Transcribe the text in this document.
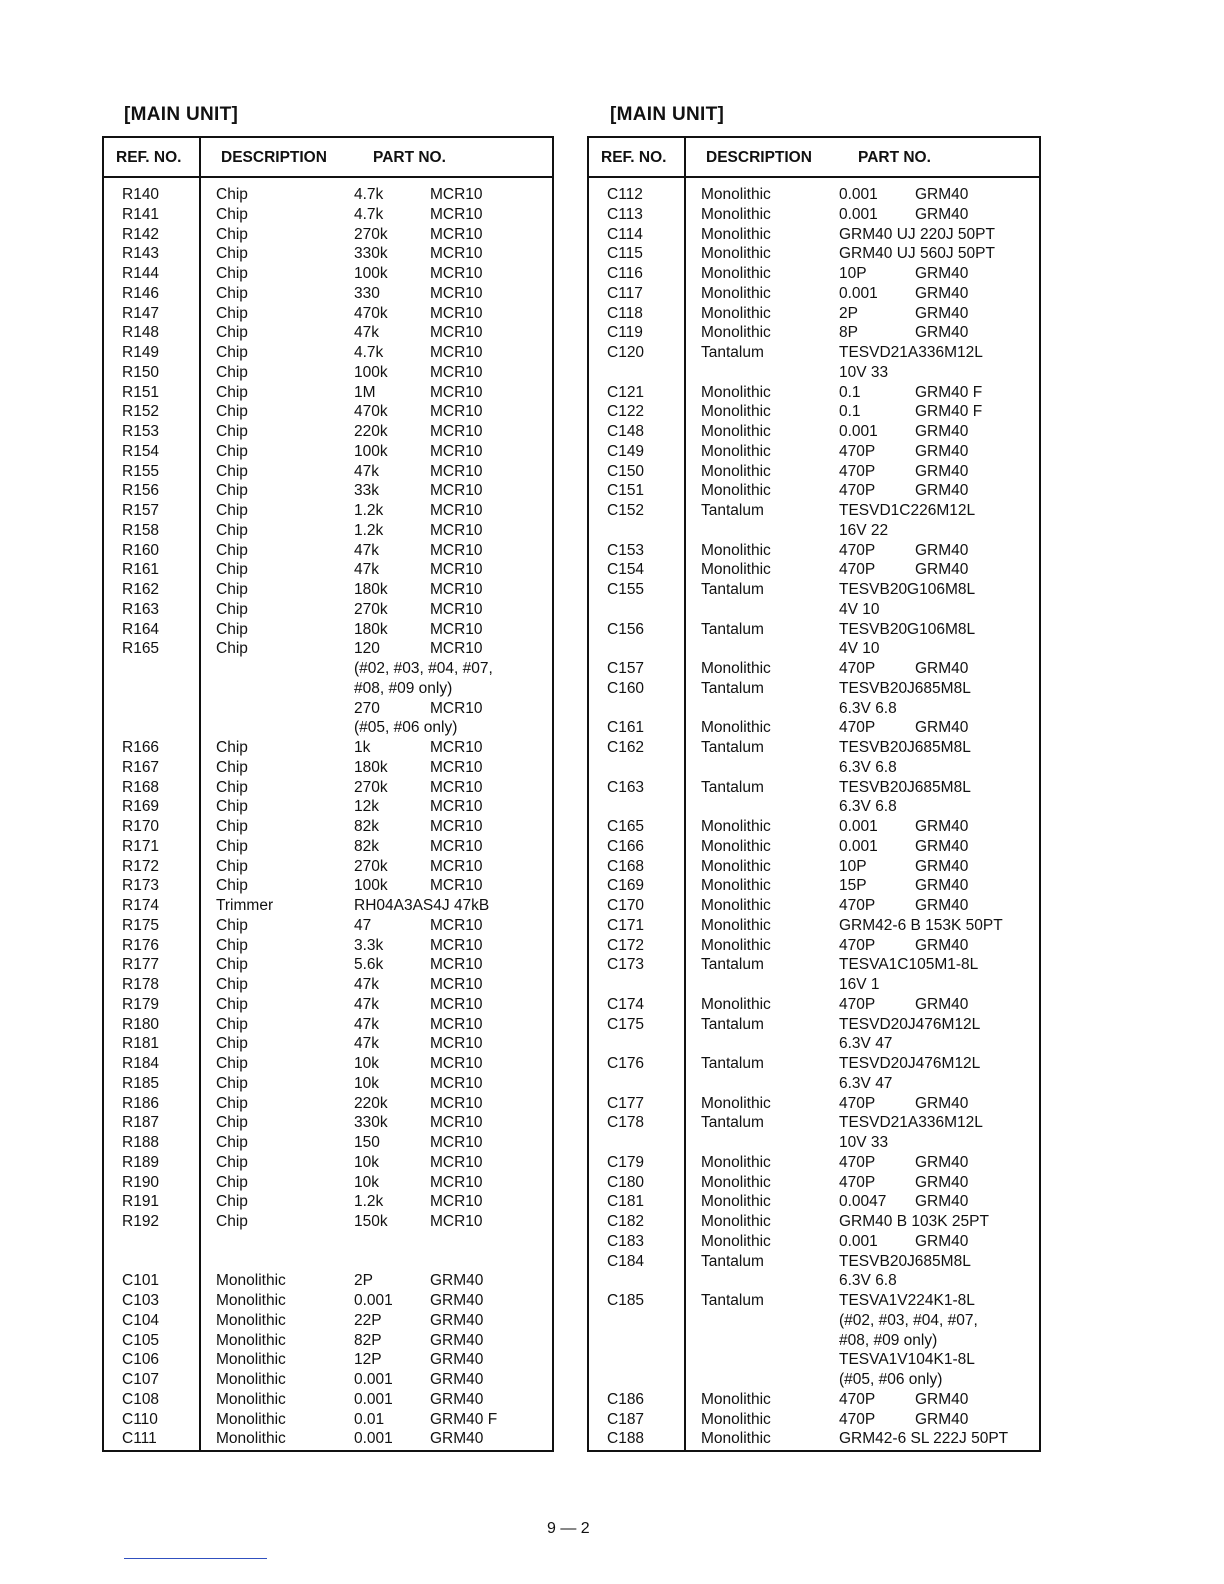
[MAIN UNIT]	[MAIN UNIT]
REF. NO.	DESCRIPTION	PART NO.
R140	Chip	4.7k	MCR10
R141	Chip	4.7k	MCR10
R142	Chip	270k	MCR10
R143	Chip	330k	MCR10
R144	Chip	100k	MCR10
R146	Chip	330	MCR10
R147	Chip	470k	MCR10
R148	Chip	47k	MCR10
R149	Chip	4.7k	MCR10
R150	Chip	100k	MCR10
R151	Chip	1M	MCR10
R152	Chip	470k	MCR10
R153	Chip	220k	MCR10
R154	Chip	100k	MCR10
R155	Chip	47k	MCR10
R156	Chip	33k	MCR10
R157	Chip	1.2k	MCR10
R158	Chip	1.2k	MCR10
R160	Chip	47k	MCR10
R161	Chip	47k	MCR10
R162	Chip	180k	MCR10
R163	Chip	270k	MCR10
R164	Chip	180k	MCR10
R165	Chip	120	MCR10
(#02, #03, #04, #07,
#08, #09 only)
270	MCR10
(#05, #06 only)
R166	Chip	1k	MCR10
R167	Chip	180k	MCR10
R168	Chip	270k	MCR10
R169	Chip	12k	MCR10
R170	Chip	82k	MCR10
R171	Chip	82k	MCR10
R172	Chip	270k	MCR10
R173	Chip	100k	MCR10
R174	Trimmer	RH04A3AS4J 47kB
R175	Chip	47	MCR10
R176	Chip	3.3k	MCR10
R177	Chip	5.6k	MCR10
R178	Chip	47k	MCR10
R179	Chip	47k	MCR10
R180	Chip	47k	MCR10
R181	Chip	47k	MCR10
R184	Chip	10k	MCR10
R185	Chip	10k	MCR10
R186	Chip	220k	MCR10
R187	Chip	330k	MCR10
R188	Chip	150	MCR10
R189	Chip	10k	MCR10
R190	Chip	10k	MCR10
R191	Chip	1.2k	MCR10
R192	Chip	150k	MCR10
C101	Monolithic	2P	GRM40
C103	Monolithic	0.001 GRM40
C104	Monolithic	22P	GRM40
C105	Monolithic	82P	GRM40
C106	Monolithic	12P	GRM40
C107	Monolithic	0.001 GRM40
C108	Monolithic	0.001 GRM40
C110	Monolithic	0.01	GRM40 F
C111	Monolithic	0.001 GRM40
REF. NO.	DESCRIPTION	PART NO.
C112	Monolithic	0.001 GRM40
C113	Monolithic	0.001 GRM40
C114	Monolithic	GRM40 UJ 220J 50PT
C115	Monolithic	GRM40 UJ 560J 50PT
C116	Monolithic	10P	GRM40
C117	Monolithic	0.001 GRM40
C118	Monolithic	2P	GRM40
C119	Monolithic	8P	GRM40
C120	Tantalum	TESVD21A336M12L
10V 33
C121	Monolithic	0.1	GRM40 F
C122	Monolithic	0.1	GRM40 F
C148	Monolithic	0.001 GRM40
C149	Monolithic	470P	GRM40
C150	Monolithic	470P	GRM40
C151	Monolithic	470P	GRM40
C152	Tantalum	TESVD1C226M12L
16V 22
C153	Monolithic	470P	GRM40
C154	Monolithic	470P	GRM40
C155	Tantalum	TESVB20G106M8L
4V 10
C156	Tantalum	TESVB20G106M8L
4V 10
C157	Monolithic	470P	GRM40
C160	Tantalum	TESVB20J685M8L
6.3V 6.8
C161	Monolithic	470P	GRM40
C162	Tantalum	TESVB20J685M8L
6.3V 6.8
C163	Tantalum	TESVB20J685M8L
6.3V 6.8
C165	Monolithic	0.001 GRM40
C166	Monolithic	0.001 GRM40
C168	Monolithic	10P	GRM40
C169	Monolithic	15P	GRM40
C170	Monolithic	470P	GRM40
C171	Monolithic	GRM42-6 B 153K 50PT
C172	Monolithic	470P	GRM40
C173	Tantalum	TESVA1C105M1-8L
16V 1
C174	Monolithic	470P	GRM40
C175	Tantalum	TESVD20J476M12L
6.3V 47
C176	Tantalum	TESVD20J476M12L
6.3V 47
C177	Monolithic	470P	GRM40
C178	Tantalum	TESVD21A336M12L
10V 33
C179	Monolithic	470P	GRM40
C180	Monolithic	470P	GRM40
C181	Monolithic	0.0047 GRM40
C182	Monolithic	GRM40 B 103K 25PT
C183	Monolithic	0.001 GRM40
C184	Tantalum	TESVB20J685M8L
6.3V 6.8
C185	Tantalum	TESVA1V224K1-8L
(#02, #03, #04, #07,
#08, #09 only)
TESVA1V104K1-8L
(#05, #06 only)
C186	Monolithic	470P	GRM40
C187	Monolithic	470P	GRM40
C188	Monolithic	GRM42-6 SL 222J 50PT
9 — 2
